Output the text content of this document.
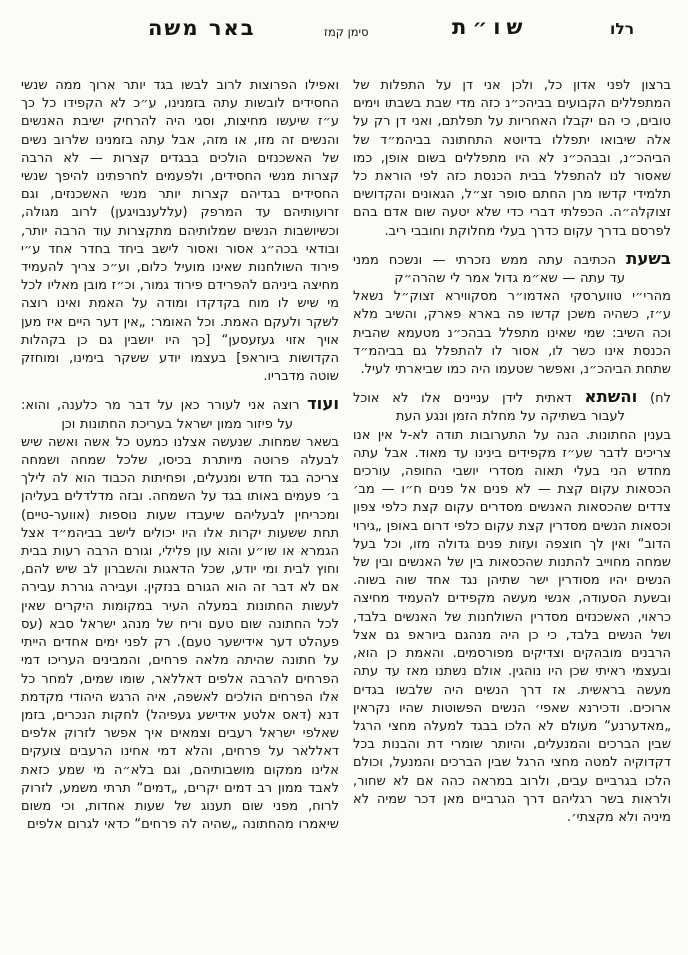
באר משה	סימן קמז	שו״ת	רלו
ברצון לפני אדון כל, ולכן אני דן על התפלות של המתפללים הקבועים בביהכ״נ כזה מדי שבת בשבתו וימים טובים, כי הם יקבלו האחריות על תפלתם, ואני דן רק על אלה שיבואו יתפללו בדיוטא התחתונה בביהמ״ד של הביהכ״נ, ובבהכ״נ לא היו מתפללים בשום אופן, כמו שאסור לנו להתפלל בבית הכנסת כזה לפי הוראת כל תלמידי קדשו מרן החתם סופר זצ״ל, הגאונים והקדושים זצוקלה״ה. הכפלתי דברי כדי שלא יטעה שום אדם בהם לפרסם בדרך עקום כדרך בעלי מחלוקת וחובבי ריב.
בשעת הכתיבה עתה ממש נזכרתי — ונשכח ממני
עד עתה — שא״מ גדול אמר לי שהרה״ק
מהרי״י טווערסקי האדמו״ר מסקווירא זצוק״ל נשאל ע״ז, כשהיה משכן קדשו פה בארא פארק, והשיב מלא וכה השיב: שמי שאינו מתפלל בבהכ״נ מטעמא שהבית הכנסת אינו כשר לו, אסור לו להתפלל גם בביהמ״ד שתחת הביהכ״נ, ואפשר שטעמו היה כמו שביארתי לעיל.
לח) והשתא דאתית לידן עניינים אלו לא אוכל
לעבור בשתיקה על מחלת הזמן ונגע העת
בענין החתונות. הנה על התערובות תודה לא-ל אין אנו צריכים לדבר שע״ז מקפידים בינינו עד מאוד. אבל עתה מחדש הני בעלי תאוה מסדרי יושבי החופה, עורכים הכסאות עקום קצת — לא פנים אל פנים ח״ו — מב׳ צדדים שהכסאות האנשים מסדרים עקום קצת כלפי צפון וכסאות הנשים מסדרין קצת עקום כלפי דרום באופן „גירוי הדוב“ ואין לך חוצפה ועזות פנים גדולה מזו, וכל בעל שמחה מחוייב להתנות שהכסאות בין של האנשים ובין של הנשים יהיו מסודרין ישר שתיהן נגד אחד שוה בשוה. ובשעת הסעודה, אנשי מעשה מקפידים להעמיד מחיצה כראוי, האשכנזים מסדרין השולחנות של האנשים בלבד, ושל הנשים בלבד, כי כן היה מנהגם ביוראפ גם אצל הרבנים מובהקים וצדיקים מפורסמים. והאמת כן הוא, ובעצמי ראיתי שכן היו נוהגין. אולם נשתנו מאז עד עתה מעשה בראשית. אז דרך הנשים היה שלבשו בגדים ארוכים. ודכירנא שאפי׳ הנשים הפשוטות שהיו נקראין „מאדערנע“ מעולם לא הלכו בבגד למעלה מחצי הרגל שבין הברכים והמנעלים, והיותר שומרי דת והבנות בכל דקדוקיה למטה מחצי הרגל שבין הברכים והמנעל, וכולם הלכו בגרביים עבים, ולרוב במראה כהה אם לא שחור, ולראות בשר רגליהם דרך הגרביים מאן דכר שמיה לא מיניה ולא מקצתי׳.
ואפילו הפרוצות לרוב לבשו בגד יותר ארוך ממה שנשי החסידים לובשות עתה בזמנינו, ע״כ לא הקפידו כל כך ע״ז שיעשו מחיצות, וסגי היה להרחיק ישיבת האנשים והנשים זה מזו, או מזה, אבל עתה בזמנינו שלרוב נשים של האשכנזים הולכים בבגדים קצרות — לא הרבה קצרות מנשי החסידים, ולפעמים לחרפתינו להיפך שנשי החסידים בגדיהם קצרות יותר מנשי האשכנזים, וגם זרועותיהם עד המרפק (עללענבויגען) לרוב מגולה, וכשיושבות הנשים שמלותיהם מתקצרות עוד הרבה יותר, ובודאי בכה״ג אסור ואסור לישב ביחד בחדר אחד ע״י פירוד השולחנות שאינו מועיל כלום, וע״כ צריך להעמיד מחיצה ביניהם להפרידם פירוד גמור, וכ״ז מובן מאליו לכל מי שיש לו מוח בקדקדו ומודה על האמת ואינו רוצה לשקר ולעקם האמת. וכל האומר: „אין דער היים איז מען אויך אזוי געזעסען“ [כך היו יושבין גם כן בקהלות הקדושות ביוראפ] בעצמו יודע ששקר בימינו, ומוחזק שוטה מדבריו.
ועוד רוצה אני לעורר כאן על דבר מר כלענה, והוא:
על פיזור ממון ישראל בעריכת החתונות וכן
בשאר שמחות. שנעשה אצלנו כמעט כל אשה ואשה שיש לבעלה פרוטה מיותרת בכיסו, שלכל שמחה ושמחה צריכה בגד חדש ומנעלים, ופחיתות הכבוד הוא לה לילך ב׳ פעמים באותו בגד על השמחה. ובזה מדלדלים בעליהן ומכריחין לבעליהם שיעבדו שעות נוספות (אווער-טיים) תחת ששעות יקרות אלו היו יכולים לישב בביהמ״ד אצל הגמרא או שו״ע והוא עון פלילי, וגורם הרבה רעות בבית וחוץ לבית ומי יודע, שכל הדאגות והשברון לב שיש להם, אם לא דבר זה הוא הגורם בנזקין. ועבירה גוררת עבירה לעשות החתונות במעלה העיר במקומות היקרים שאין לכל החתונה שום טעם וריח של מנהג ישראל סבא (עס פעהלט דער אידישער טעם). רק לפני ימים אחדים הייתי על חתונה שהיתה מלאה פרחים, והמבינים העריכו דמי הפרחים להרבה אלפים דאללאר, שומו שמים, למחר כל אלו הפרחים הולכים לאשפה, איה הרגש היהודי מקדמת דנא (דאס אלטע אידישע געפיהל) לחקות הנכרים, בזמן שאלפי ישראל רעבים וצמאים איך אפשר לזרוק אלפים דאללאר על פרחים, והלא דמי אחינו הרעבים צועקים אלינו ממקום מושבותיהם, וגם בלא״ה מי שמע כזאת לאבד ממון רב דמים יקרים, „דמים“ תרתי משמע, לזרוק לרוח, מפני שום תענוג של שעות אחדות, וכי משום שיאמרו מהחתונה „שהיה לה פרחים“ כדאי לגרום אלפים
